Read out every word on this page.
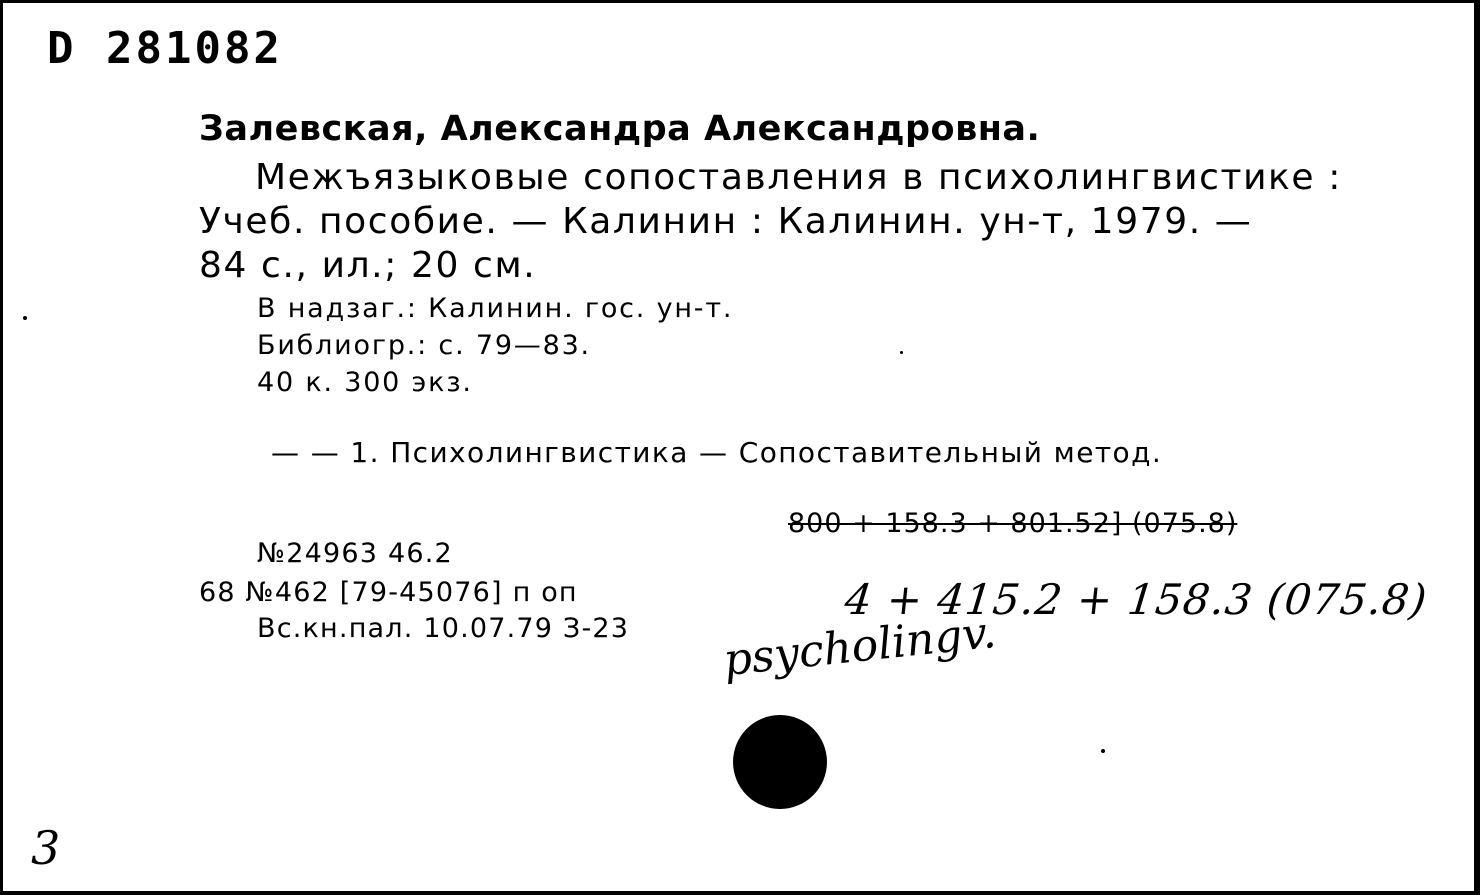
D 281082
Залевская, Александра Александровна.
Межъязыковые сопоставления в психолингвистике :
Учеб. пособие. — Калинин : Калинин. ун-т, 1979. —
84 с., ил.; 20 см.
В надзаг.: Калинин. гос. ун-т.
Библиогр.: с. 79—83.
40 к. 300 экз.
— — 1. Психолингвистика — Сопоставительный метод.
800 + 158.3 + 801.52] (075.8)
№24963 46.2
68 №462 [79-45076] п оп
Вс.кн.пал. 10.07.79 З-23
4 + 415.2 + 158.3 (075.8)
psycholingv.
3
